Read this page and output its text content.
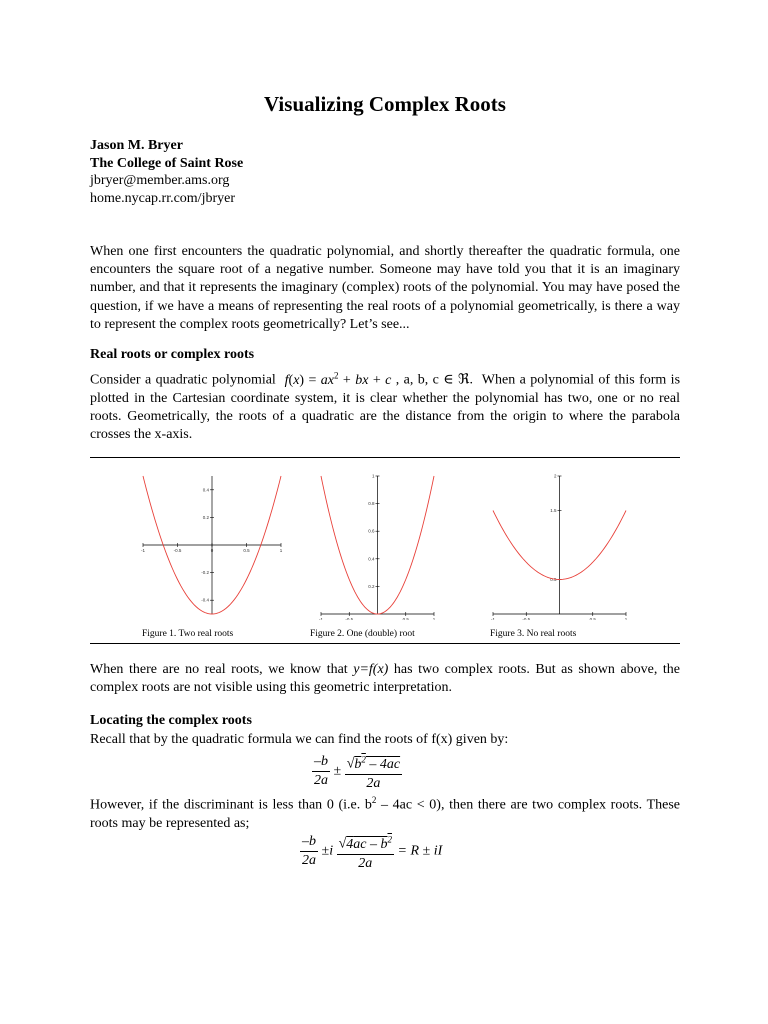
Visualizing Complex Roots
Jason M. Bryer
The College of Saint Rose
jbryer@member.ams.org
home.nycap.rr.com/jbryer
When one first encounters the quadratic polynomial, and shortly thereafter the quadratic formula, one encounters the square root of a negative number. Someone may have told you that it is an imaginary number, and that it represents the imaginary (complex) roots of the polynomial. You may have posed the question, if we have a means of representing the real roots of a polynomial geometrically, is there a way to represent the complex roots geometrically? Let’s see...
Real roots or complex roots
Consider a quadratic polynomial $f(x) = ax^2$ + bx + c , a, b, c ∈ ℜ. When a polynomial of this form is plotted in the Cartesian coordinate system, it is clear whether the polynomial has two, one or no real roots. Geometrically, the roots of a quadratic are the distance from the origin to where the parabola crosses the x-axis.
-1	-0.5	0	0.5	1
0.4
0.2
-0.2
-0.4
-1	-0.5	0.5	1
1
0.8
0.6
0.4
0.2
-1	-0.5	0.5	1
2
1.5
0.5
Figure 1. Two real roots	Figure 2. One (double) root	Figure 3. No real roots
When there are no real roots, we know that y=f(x) has two complex roots. But as shown above, the complex roots are not visible using this geometric interpretation.
Locating the complex roots
Recall that by the quadratic formula we can find the roots of f(x) given by:
$\frac{-b}{2a} \pm \frac{√b^2 - 4ac}{2a}$
However, if the discriminant is less than 0 (i.e. $b^2 - 4ac < 0$), then there are two complex roots. These roots may be represented as;
$\frac{-b}{2a} \pm i \frac{√4ac - b^2}{2a} = R$ ± iI
